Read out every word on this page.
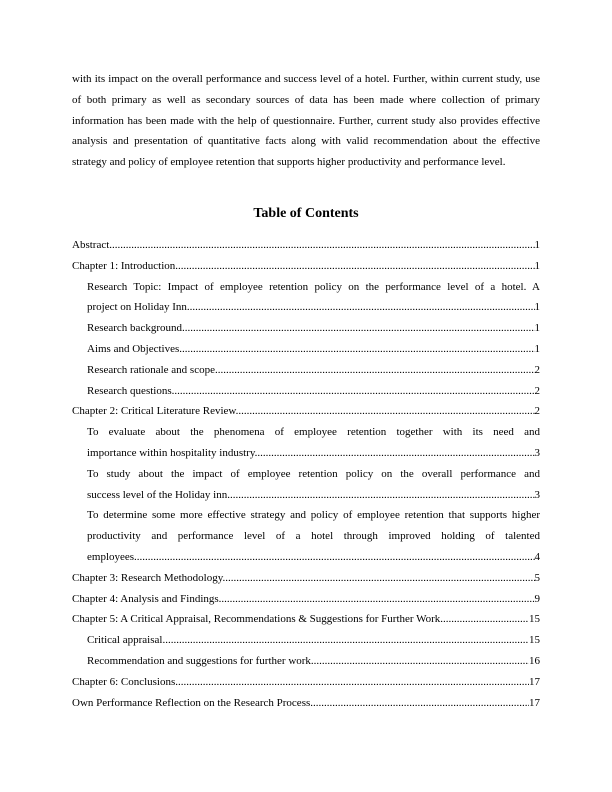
with its impact on the overall performance and success level of a hotel. Further, within current study, use of both primary as well as secondary sources of data has been made where collection of primary information has been made with the help of questionnaire. Further, current study also provides effective analysis and presentation of quantitative facts along with valid recommendation about the effective strategy and policy of employee retention that supports higher productivity and performance level.

Table of Contents
Abstract .....	1
Chapter 1: Introduction .....	1
Research Topic: Impact of employee retention policy on the performance level of a hotel. A
project on Holiday Inn .....	1
Research background .....	1
Aims and Objectives .....	1
Research rationale and scope .....	2
Research questions .....	2
Chapter 2: Critical Literature Review .....	2
To evaluate about the phenomena of employee retention together with its need and
importance within hospitality industry .....	3
To study about the impact of employee retention policy on the overall performance and
success level of the Holiday inn .....	3
To determine some more effective strategy and policy of employee retention that supports higher productivity and performance level of a hotel through improved holding of talented
employees .....	4
Chapter 3: Research Methodology .....	5
Chapter 4: Analysis and Findings .....	9
Chapter 5: A Critical Appraisal, Recommendations & Suggestions for Further Work .....	15
Critical appraisal .....	15
Recommendation and suggestions for further work .....	16
Chapter 6: Conclusions .....	17
Own Performance Reflection on the Research Process .....	17
